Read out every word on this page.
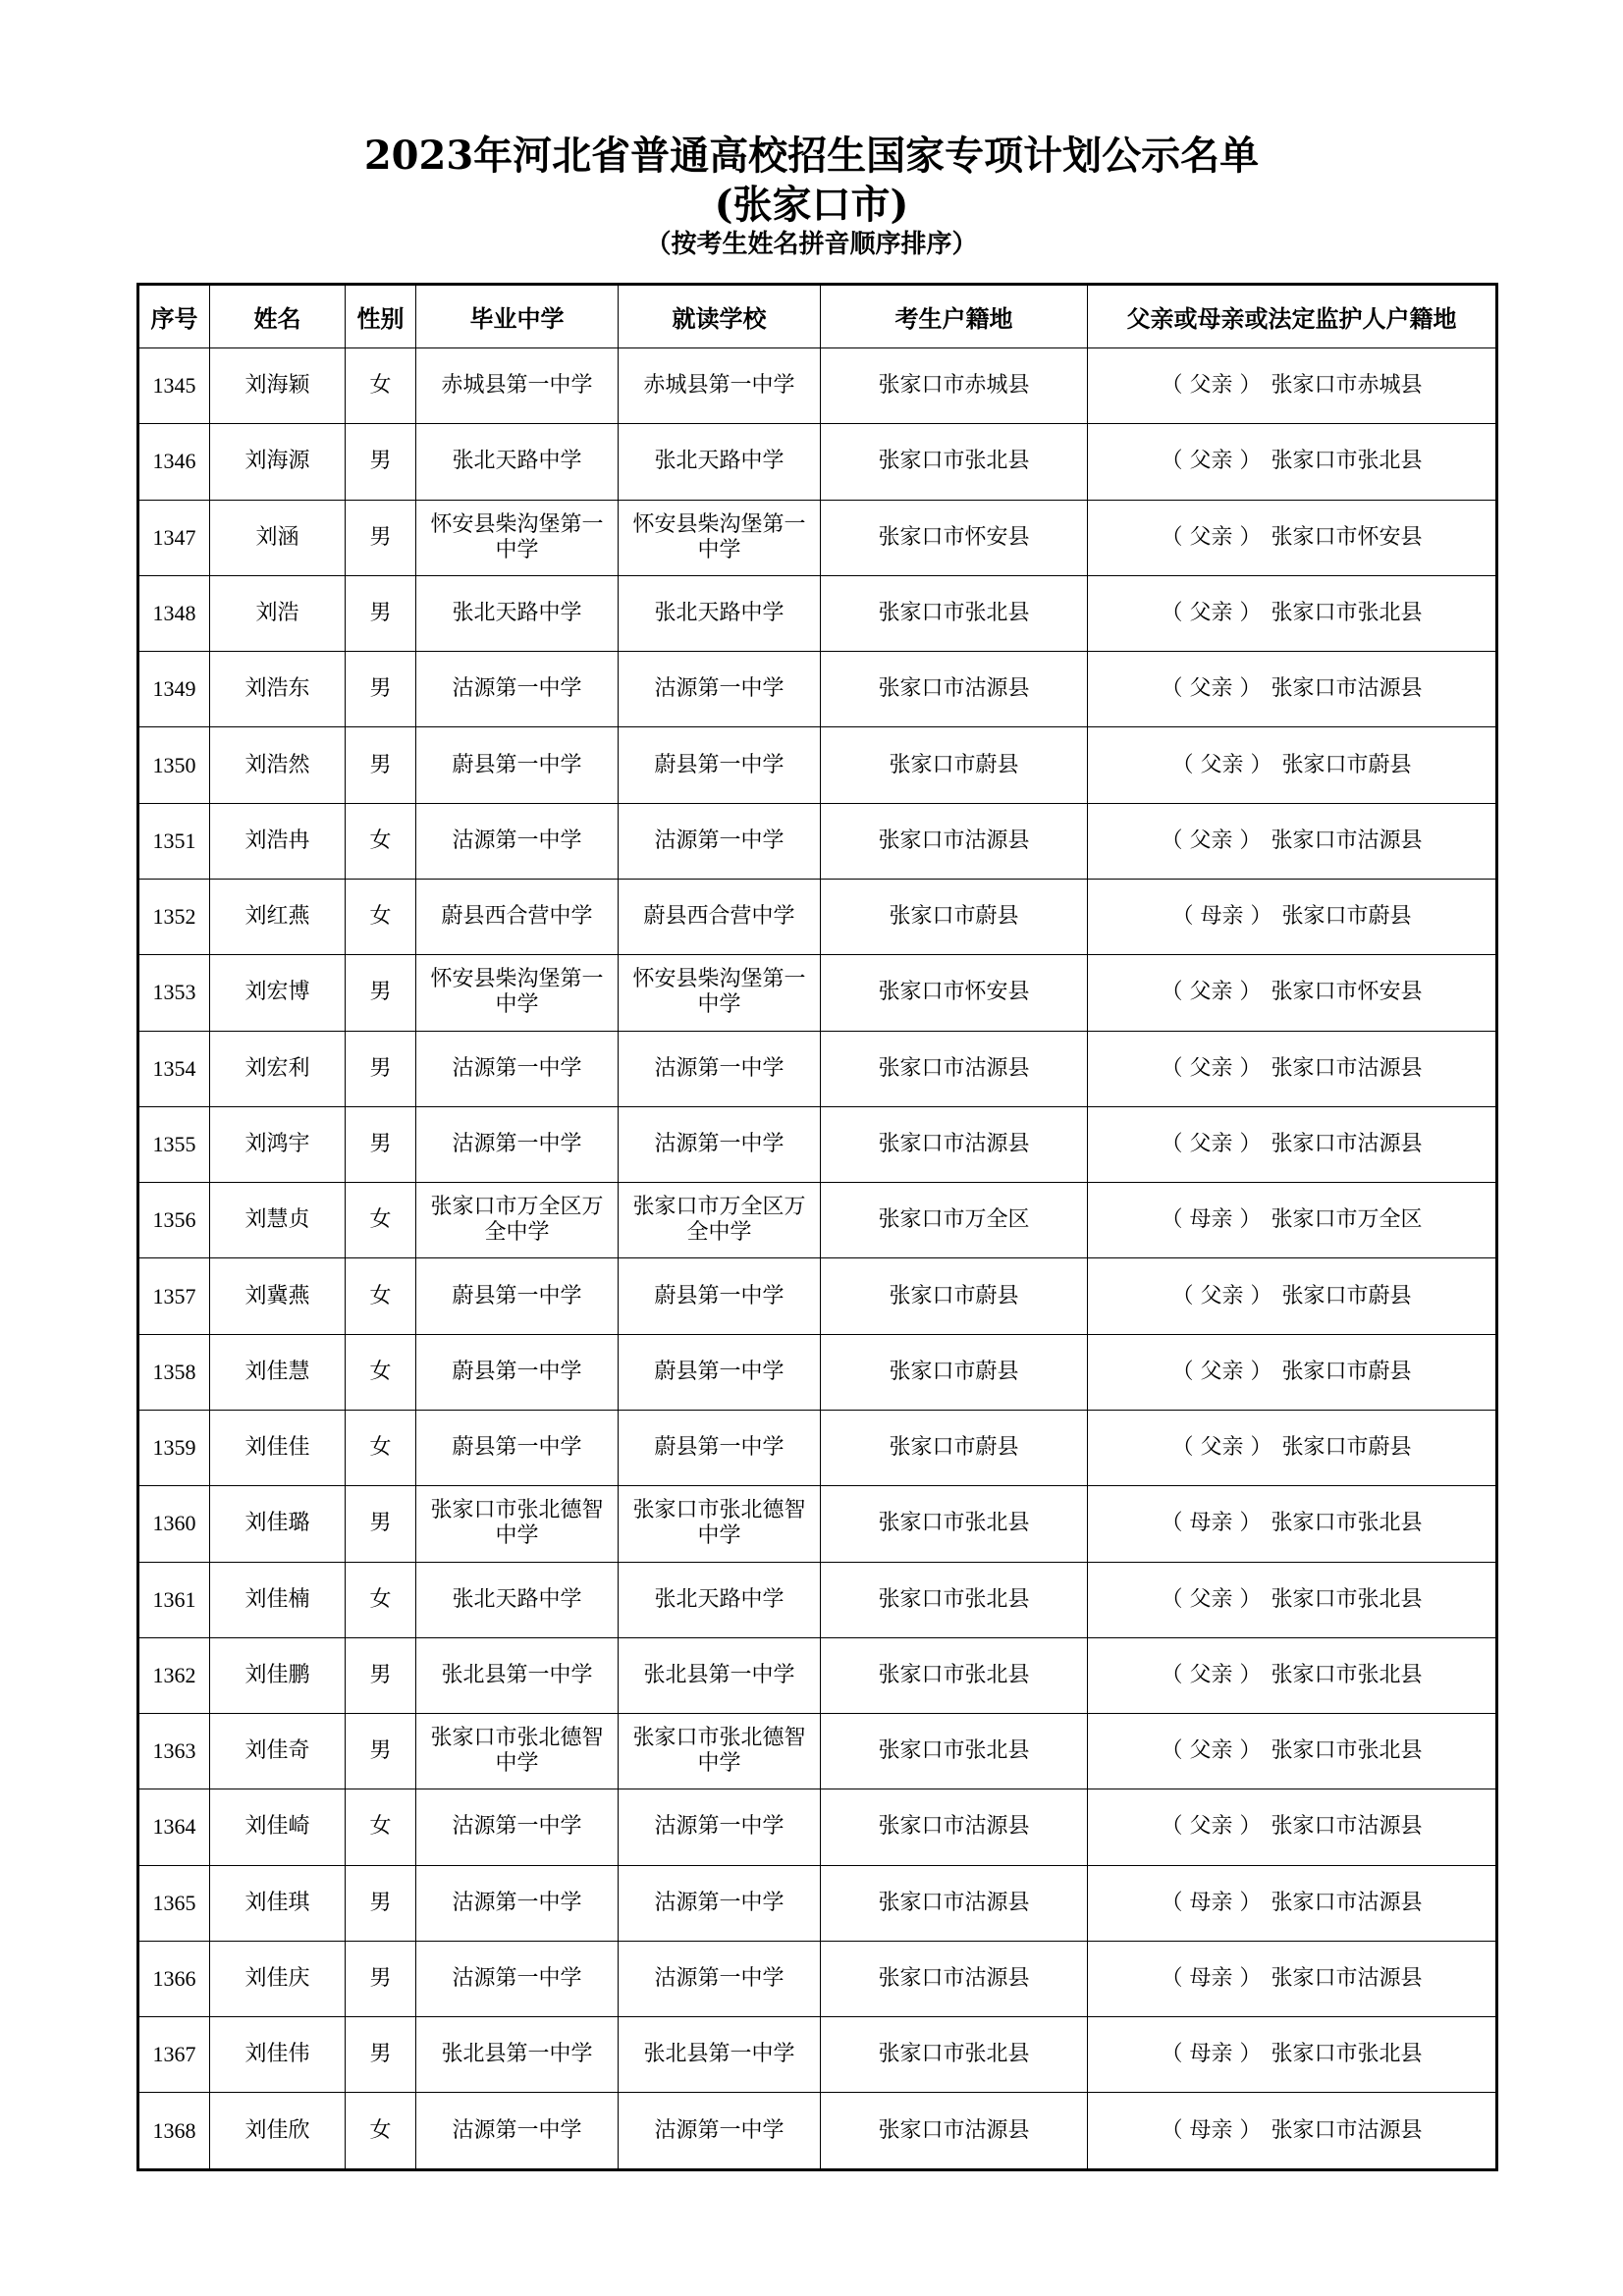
2023年河北省普通高校招生国家专项计划公示名单
(张家口市)
（按考生姓名拼音顺序排序）
序号	姓名	性别	毕业中学	就读学校	考生户籍地	父亲或母亲或法定监护人户籍地
1345	刘海颖	女	赤城县第一中学	赤城县第一中学	张家口市赤城县	（ 父亲 ） 张家口市赤城县
1346	刘海源	男	张北天路中学	张北天路中学	张家口市张北县	（ 父亲 ） 张家口市张北县
1347	刘涵	男	怀安县柴沟堡第一中学	怀安县柴沟堡第一中学	张家口市怀安县	（ 父亲 ） 张家口市怀安县
1348	刘浩	男	张北天路中学	张北天路中学	张家口市张北县	（ 父亲 ） 张家口市张北县
1349	刘浩东	男	沽源第一中学	沽源第一中学	张家口市沽源县	（ 父亲 ） 张家口市沽源县
1350	刘浩然	男	蔚县第一中学	蔚县第一中学	张家口市蔚县	（ 父亲 ） 张家口市蔚县
1351	刘浩冉	女	沽源第一中学	沽源第一中学	张家口市沽源县	（ 父亲 ） 张家口市沽源县
1352	刘红燕	女	蔚县西合营中学	蔚县西合营中学	张家口市蔚县	（ 母亲 ） 张家口市蔚县
1353	刘宏博	男	怀安县柴沟堡第一中学	怀安县柴沟堡第一中学	张家口市怀安县	（ 父亲 ） 张家口市怀安县
1354	刘宏利	男	沽源第一中学	沽源第一中学	张家口市沽源县	（ 父亲 ） 张家口市沽源县
1355	刘鸿宇	男	沽源第一中学	沽源第一中学	张家口市沽源县	（ 父亲 ） 张家口市沽源县
1356	刘慧贞	女	张家口市万全区万全中学	张家口市万全区万全中学	张家口市万全区	（ 母亲 ） 张家口市万全区
1357	刘冀燕	女	蔚县第一中学	蔚县第一中学	张家口市蔚县	（ 父亲 ） 张家口市蔚县
1358	刘佳慧	女	蔚县第一中学	蔚县第一中学	张家口市蔚县	（ 父亲 ） 张家口市蔚县
1359	刘佳佳	女	蔚县第一中学	蔚县第一中学	张家口市蔚县	（ 父亲 ） 张家口市蔚县
1360	刘佳璐	男	张家口市张北德智中学	张家口市张北德智中学	张家口市张北县	（ 母亲 ） 张家口市张北县
1361	刘佳楠	女	张北天路中学	张北天路中学	张家口市张北县	（ 父亲 ） 张家口市张北县
1362	刘佳鹏	男	张北县第一中学	张北县第一中学	张家口市张北县	（ 父亲 ） 张家口市张北县
1363	刘佳奇	男	张家口市张北德智中学	张家口市张北德智中学	张家口市张北县	（ 父亲 ） 张家口市张北县
1364	刘佳崎	女	沽源第一中学	沽源第一中学	张家口市沽源县	（ 父亲 ） 张家口市沽源县
1365	刘佳琪	男	沽源第一中学	沽源第一中学	张家口市沽源县	（ 母亲 ） 张家口市沽源县
1366	刘佳庆	男	沽源第一中学	沽源第一中学	张家口市沽源县	（ 母亲 ） 张家口市沽源县
1367	刘佳伟	男	张北县第一中学	张北县第一中学	张家口市张北县	（ 母亲 ） 张家口市张北县
1368	刘佳欣	女	沽源第一中学	沽源第一中学	张家口市沽源县	（ 母亲 ） 张家口市沽源县
